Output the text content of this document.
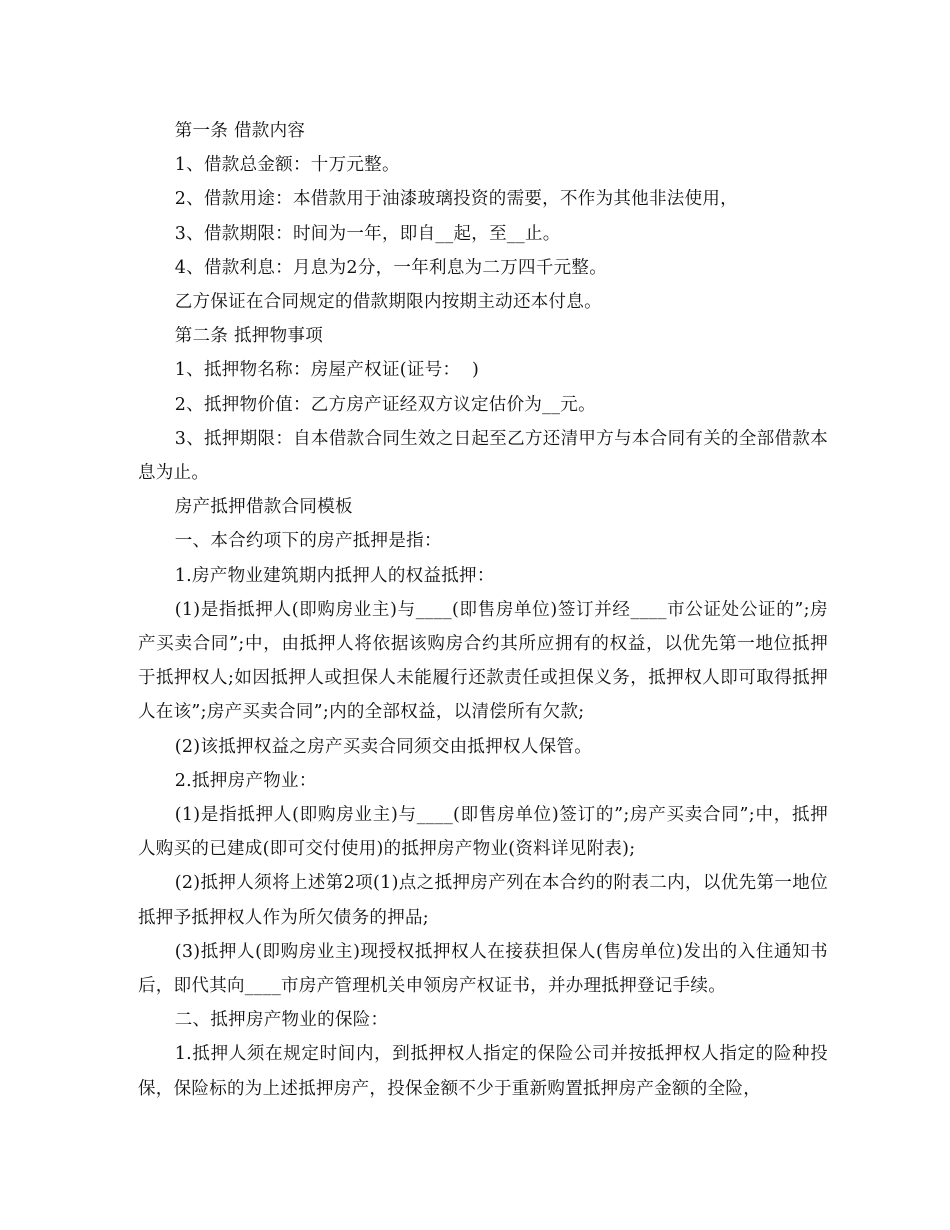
第一条 借款内容

1、借款总金额：十万元整。

2、借款用途：本借款用于油漆玻璃投资的需要，不作为其他非法使用，

3、借款期限：时间为一年，即自__起，至__止。

4、借款利息：月息为2分，一年利息为二万四千元整。

乙方保证在合同规定的借款期限内按期主动还本付息。

第二条 抵押物事项

1、抵押物名称：房屋产权证(证号：  )

2、抵押物价值：乙方房产证经双方议定估价为__元。

3、抵押期限：自本借款合同生效之日起至乙方还清甲方与本合同有关的全部借款本息为止。

房产抵押借款合同模板

一、本合约项下的房产抵押是指：

1.房产物业建筑期内抵押人的权益抵押：

(1)是指抵押人(即购房业主)与____(即售房单位)签订并经____市公证处公证的”;房产买卖合同”;中，由抵押人将依据该购房合约其所应拥有的权益，以优先第一地位抵押于抵押权人;如因抵押人或担保人未能履行还款责任或担保义务，抵押权人即可取得抵押人在该”;房产买卖合同”;内的全部权益，以清偿所有欠款;

(2)该抵押权益之房产买卖合同须交由抵押权人保管。

2.抵押房产物业：

(1)是指抵押人(即购房业主)与____(即售房单位)签订的”;房产买卖合同”;中，抵押人购买的已建成(即可交付使用)的抵押房产物业(资料详见附表);

(2)抵押人须将上述第2项(1)点之抵押房产列在本合约的附表二内，以优先第一地位抵押予抵押权人作为所欠债务的押品;

(3)抵押人(即购房业主)现授权抵押权人在接获担保人(售房单位)发出的入住通知书后，即代其向____市房产管理机关申领房产权证书，并办理抵押登记手续。

二、抵押房产物业的保险：

1.抵押人须在规定时间内，到抵押权人指定的保险公司并按抵押权人指定的险种投保，保险标的为上述抵押房产，投保金额不少于重新购置抵押房产金额的全险，
